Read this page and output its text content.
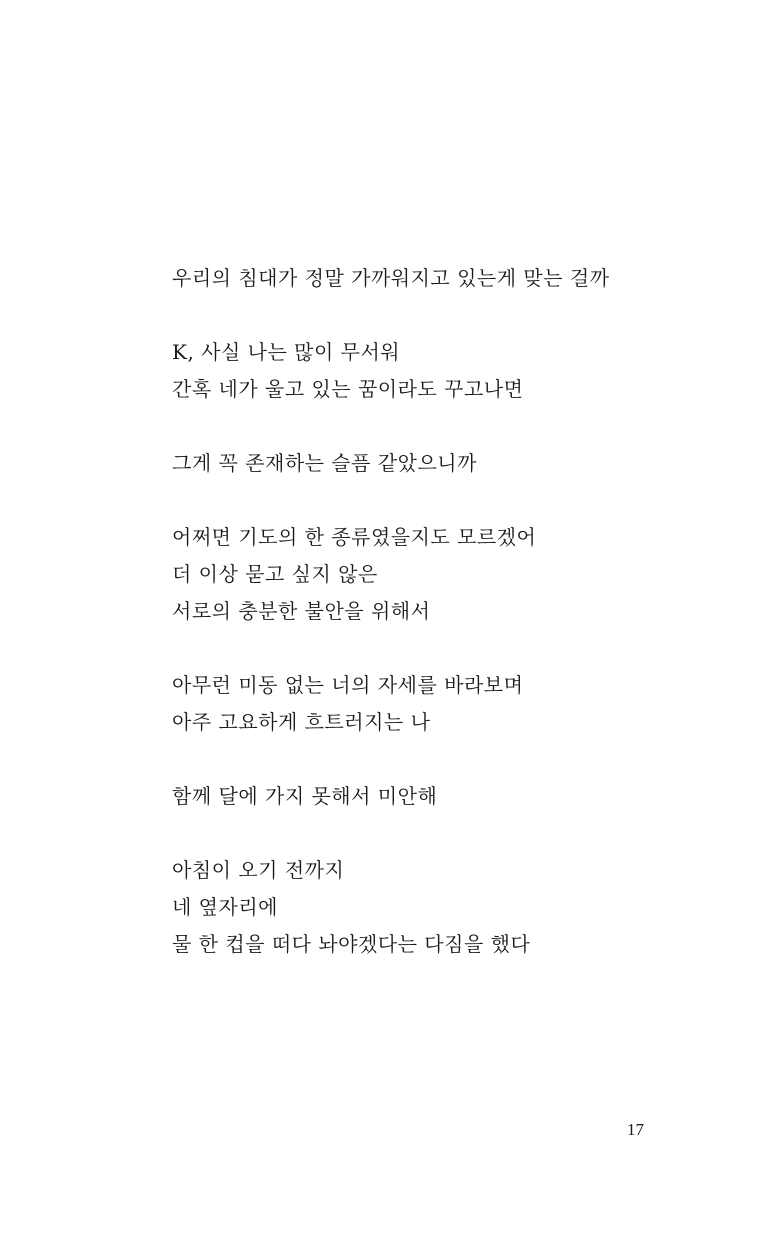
우리의 침대가 정말 가까워지고 있는게 맞는 걸까
K, 사실 나는 많이 무서워
간혹 네가 울고 있는 꿈이라도 꾸고나면
그게 꼭 존재하는 슬픔 같았으니까
어쩌면 기도의 한 종류였을지도 모르겠어
더 이상 묻고 싶지 않은
서로의 충분한 불안을 위해서
아무런 미동 없는 너의 자세를 바라보며
아주 고요하게 흐트러지는 나
함께 달에 가지 못해서 미안해
아침이 오기 전까지
네 옆자리에
물 한 컵을 떠다 놔야겠다는 다짐을 했다
17
